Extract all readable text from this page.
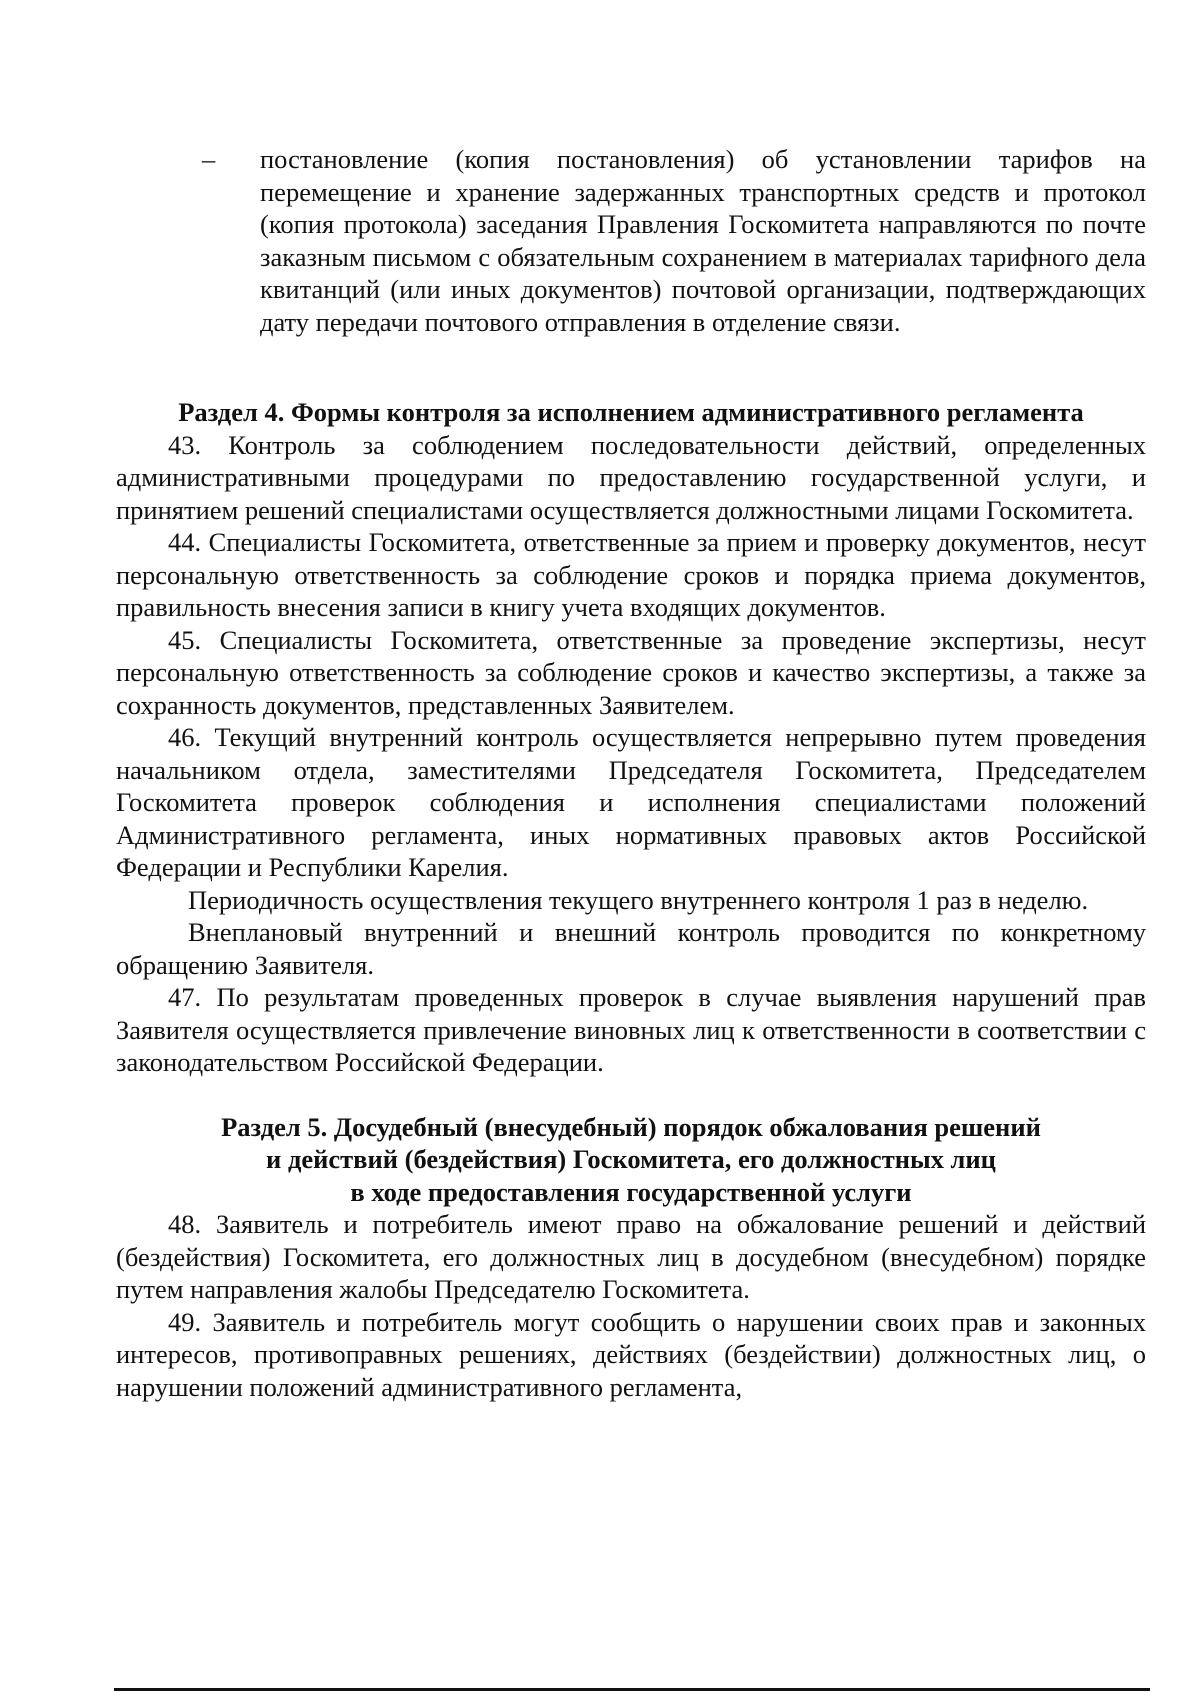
–	постановление (копия постановления) об установлении тарифов на перемещение и хранение задержанных транспортных средств и протокол (копия протокола) заседания Правления Госкомитета направляются по почте заказным письмом с обязательным сохранением в материалах тарифного дела квитанций (или иных документов) почтовой организации, подтверждающих дату передачи почтового отправления в отделение связи.

Раздел 4. Формы контроля за исполнением административного регламента

43. Контроль за соблюдением последовательности действий, определенных административными процедурами по предоставлению государственной услуги, и принятием решений специалистами осуществляется должностными лицами Госкомитета.

44. Специалисты Госкомитета, ответственные за прием и проверку документов, несут персональную ответственность за соблюдение сроков и порядка приема документов, правильность внесения записи в книгу учета входящих документов.

45. Специалисты Госкомитета, ответственные за проведение экспертизы, несут персональную ответственность за соблюдение сроков и качество экспертизы, а также за сохранность документов, представленных Заявителем.

46. Текущий внутренний контроль осуществляется непрерывно путем проведения начальником отдела, заместителями Председателя Госкомитета, Председателем Госкомитета проверок соблюдения и исполнения специалистами положений Административного регламента, иных нормативных правовых актов Российской Федерации и Республики Карелия.

Периодичность осуществления текущего внутреннего контроля 1 раз в неделю.

Внеплановый внутренний и внешний контроль проводится по конкретному обращению Заявителя.

47. По результатам проведенных проверок в случае выявления нарушений прав Заявителя осуществляется привлечение виновных лиц к ответственности в соответствии с законодательством Российской Федерации.

Раздел 5. Досудебный (внесудебный) порядок обжалования решений

и действий (бездействия) Госкомитета, его должностных лиц

в ходе предоставления государственной услуги

48. Заявитель и потребитель имеют право на обжалование решений и действий (бездействия) Госкомитета, его должностных лиц в досудебном (внесудебном) порядке путем направления жалобы Председателю Госкомитета.

49. Заявитель и потребитель могут сообщить о нарушении своих прав и законных интересов, противоправных решениях, действиях (бездействии) должностных лиц, о нарушении положений административного регламента,
